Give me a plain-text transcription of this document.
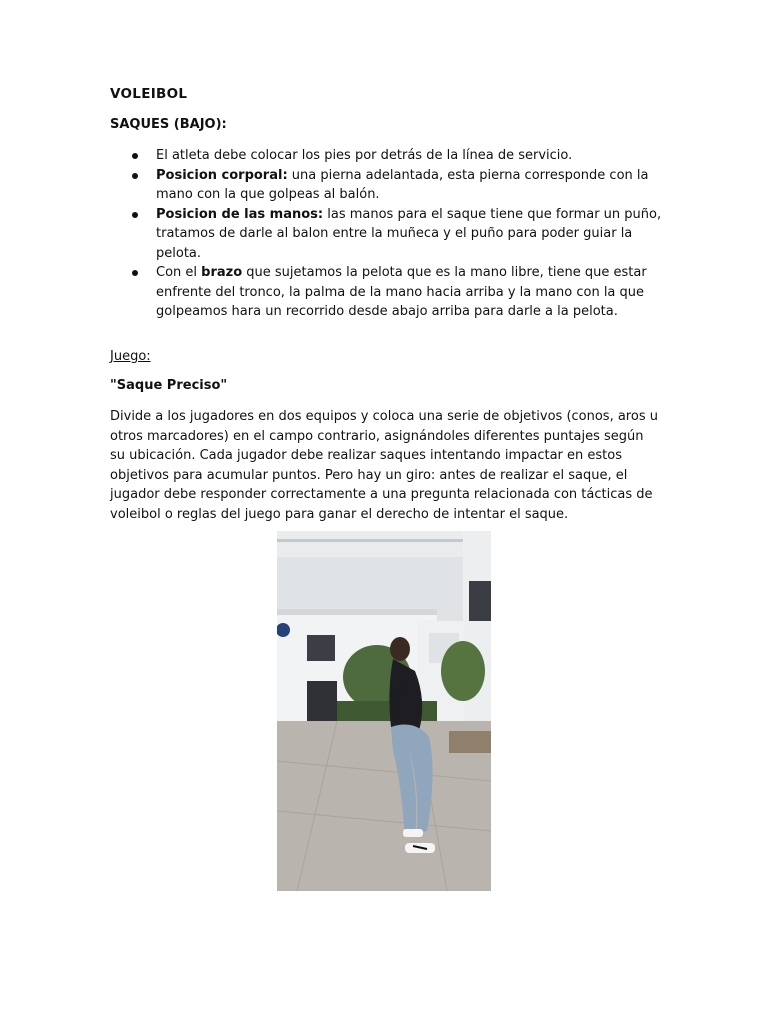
VOLEIBOL
SAQUES (BAJO):
El atleta debe colocar los pies por detrás de la línea de servicio.
Posicion corporal: una pierna adelantada, esta pierna corresponde con la mano con la que golpeas al balón.
Posicion de las manos: las manos para el saque tiene que formar un puño, tratamos de darle al balon entre la muñeca y el puño para poder guiar la pelota.
Con el brazo que sujetamos la pelota que es la mano libre, tiene que estar enfrente del tronco, la palma de la mano hacia arriba y la mano con la que golpeamos hara un recorrido desde abajo arriba para darle a la pelota.
Juego:
"Saque Preciso"
Divide a los jugadores en dos equipos y coloca una serie de objetivos (conos, aros u otros marcadores) en el campo contrario, asignándoles diferentes puntajes según su ubicación. Cada jugador debe realizar saques intentando impactar en estos objetivos para acumular puntos. Pero hay un giro: antes de realizar el saque, el jugador debe responder correctamente a una pregunta relacionada con tácticas de voleibol o reglas del juego para ganar el derecho de intentar el saque.
